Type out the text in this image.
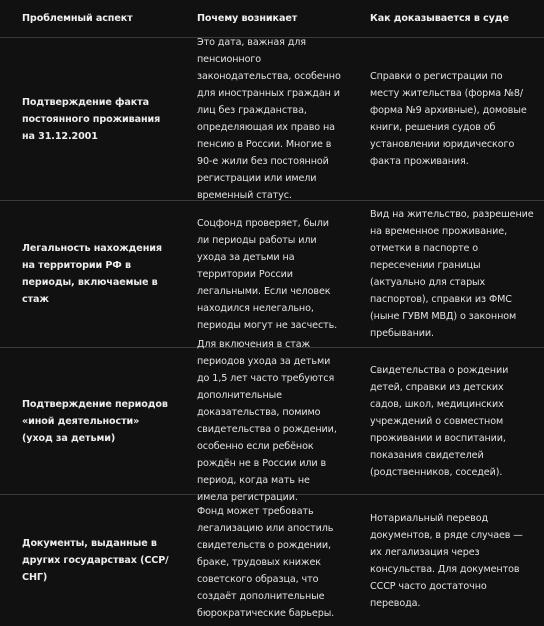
Проблемный аспект	Почему возникает	Как доказывается в суде
Подтверждение факта постоянного проживания на 31.12.2001
Это дата, важная для пенсионного законодательства, особенно для иностранных граждан и лиц без гражданства, определяющая их право на пенсию в России. Многие в 90-е жили без постоянной регистрации или имели временный статус.
Справки о регистрации по месту жительства (форма №8/форма №9 архивные), домовые книги, решения судов об установлении юридического факта проживания.
Легальность нахождения на территории РФ в периоды, включаемые в стаж
Соцфонд проверяет, были ли периоды работы или ухода за детьми на территории России легальными. Если человек находился нелегально, периоды могут не засчесть.
Вид на жительство, разрешение на временное проживание, отметки в паспорте о пересечении границы (актуально для старых паспортов), справки из ФМС (ныне ГУВМ МВД) о законном пребывании.
Подтверждение периодов «иной деятельности» (уход за детьми)
Для включения в стаж периодов ухода за детьми до 1,5 лет часто требуются дополнительные доказательства, помимо свидетельства о рождении, особенно если ребёнок рождён не в России или в период, когда мать не имела регистрации.
Свидетельства о рождении детей, справки из детских садов, школ, медицинских учреждений о совместном проживании и воспитании, показания свидетелей (родственников, соседей).
Документы, выданные в других государствах (ССР/СНГ)
Фонд может требовать легализацию или апостиль свидетельств о рождении, браке, трудовых книжек советского образца, что создаёт дополнительные бюрократические барьеры.
Нотариальный перевод документов, в ряде случаев — их легализация через консульства. Для документов СССР часто достаточно перевода.
